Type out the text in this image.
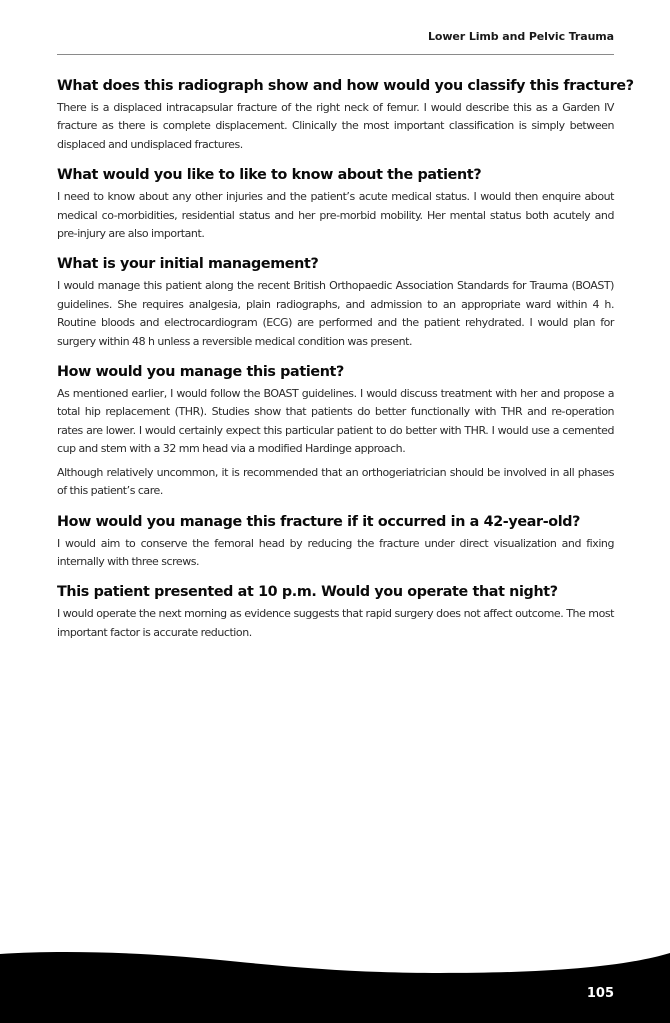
Lower Limb and Pelvic Trauma
What does this radiograph show and how would you classify this fracture?

There is a displaced intracapsular fracture of the right neck of femur. I would describe this as a Garden IV fracture as there is complete displacement. Clinically the most important classification is simply between displaced and undisplaced fractures.

What would you like to like to know about the patient?

I need to know about any other injuries and the patient’s acute medical status. I would then enquire about medical co-morbidities, residential status and her pre-morbid mobility. Her mental status both acutely and pre-injury are also important.

What is your initial management?

I would manage this patient along the recent British Orthopaedic Association Standards for Trauma (BOAST) guidelines. She requires analgesia, plain radiographs, and admission to an appropriate ward within 4 h. Routine bloods and electrocardiogram (ECG) are performed and the patient rehydrated. I would plan for surgery within 48 h unless a reversible medical condition was present.

How would you manage this patient?

As mentioned earlier, I would follow the BOAST guidelines. I would discuss treatment with her and propose a total hip replacement (THR). Studies show that patients do better functionally with THR and re-operation rates are lower. I would certainly expect this particular patient to do better with THR. I would use a cemented cup and stem with a 32 mm head via a modified Hardinge approach.

Although relatively uncommon, it is recommended that an orthogeriatrician should be involved in all phases of this patient’s care.

How would you manage this fracture if it occurred in a 42-year-old?

I would aim to conserve the femoral head by reducing the fracture under direct visualization and fixing internally with three screws.

This patient presented at 10 p.m. Would you operate that night?

I would operate the next morning as evidence suggests that rapid surgery does not affect outcome. The most important factor is accurate reduction.

105
